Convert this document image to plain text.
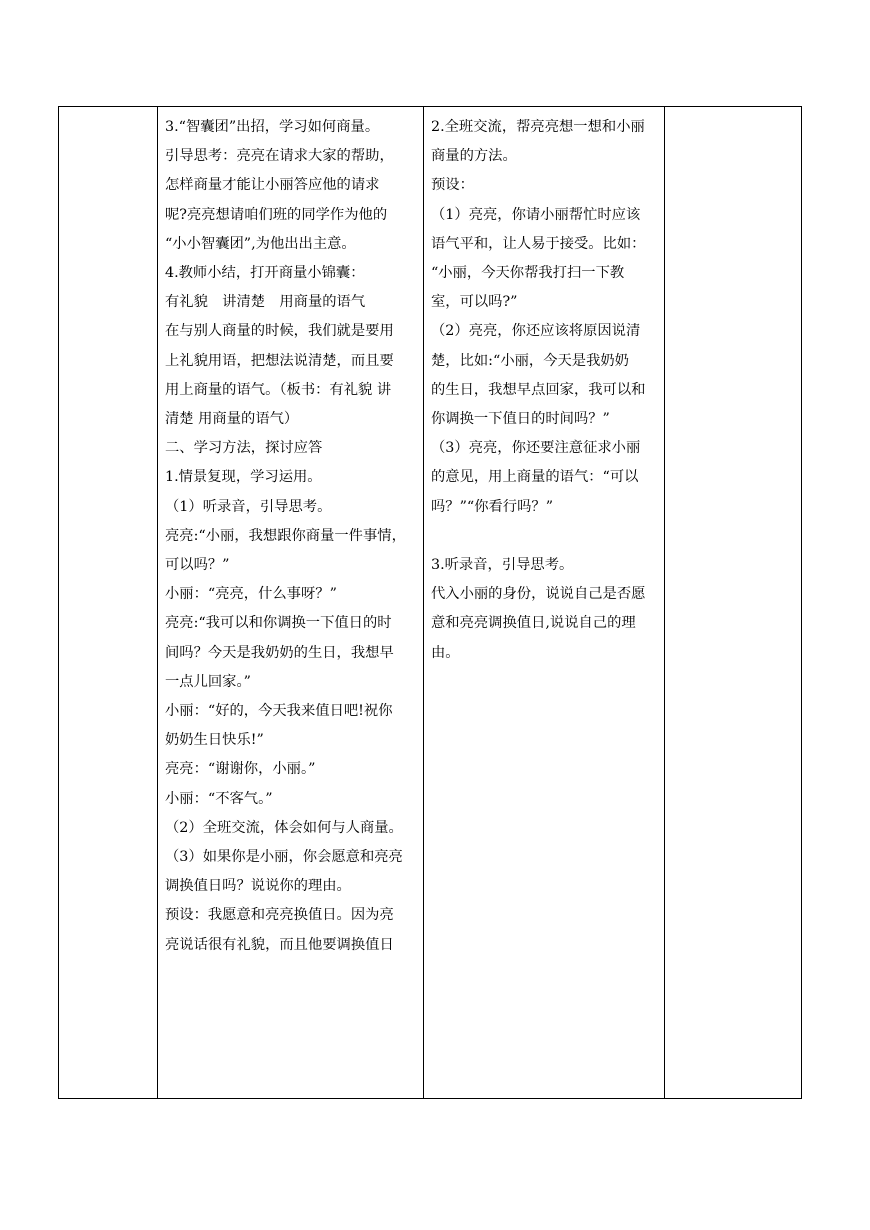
3.“智囊团”出招，学习如何商量。
引导思考：亮亮在请求大家的帮助，
怎样商量才能让小丽答应他的请求
呢?亮亮想请咱们班的同学作为他的
“小小智囊团”,为他出出主意。
4.教师小结，打开商量小锦囊：
有礼貌　讲清楚　用商量的语气
在与别人商量的时候，我们就是要用
上礼貌用语，把想法说清楚，而且要
用上商量的语气。（板书：有礼貌 讲
清楚 用商量的语气）
二、学习方法，探讨应答
1.情景复现，学习运用。
（1）听录音，引导思考。
亮亮:“小丽，我想跟你商量一件事情，
可以吗？”
小丽：“亮亮，什么事呀？”
亮亮:“我可以和你调换一下值日的时
间吗？今天是我奶奶的生日，我想早
一点儿回家。”
小丽：“好的，今天我来值日吧!祝你
奶奶生日快乐!”
亮亮：“谢谢你，小丽。”
小丽：“不客气。”
（2）全班交流，体会如何与人商量。
（3）如果你是小丽，你会愿意和亮亮
调换值日吗？说说你的理由。
预设：我愿意和亮亮换值日。因为亮
亮说话很有礼貌，而且他要调换值日

2.全班交流，帮亮亮想一想和小丽
商量的方法。
预设：
（1）亮亮，你请小丽帮忙时应该
语气平和，让人易于接受。比如：
“小丽，今天你帮我打扫一下教
室，可以吗?”
（2）亮亮，你还应该将原因说清
楚，比如:“小丽，今天是我奶奶
的生日，我想早点回家，我可以和
你调换一下值日的时间吗？”
（3）亮亮，你还要注意征求小丽
的意见，用上商量的语气：“可以
吗？”“你看行吗？”
3.听录音，引导思考。
代入小丽的身份，说说自己是否愿
意和亮亮调换值日,说说自己的理
由。
